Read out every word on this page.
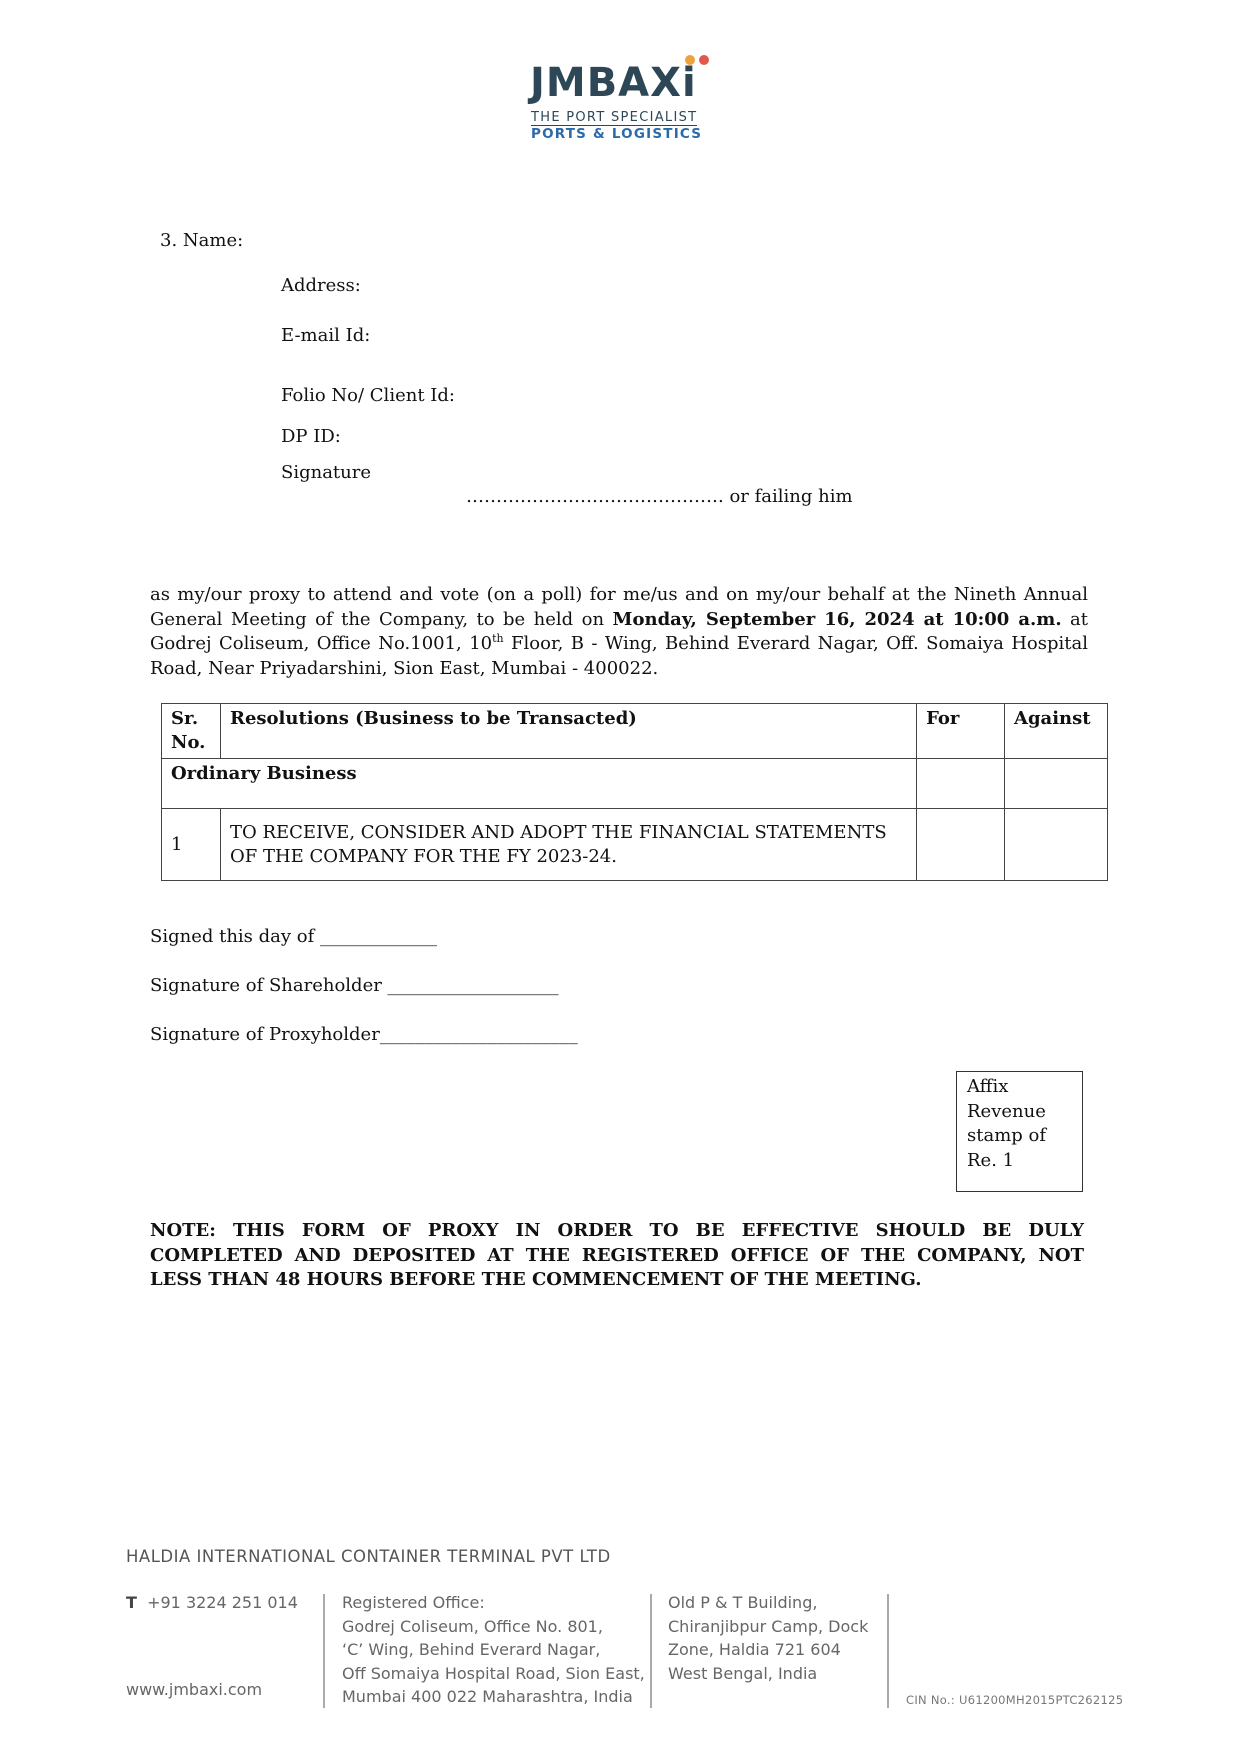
JMBAXi
THE PORT SPECIALIST
PORTS & LOGISTICS
3. Name:
Address:
E-mail Id:
Folio No/ Client Id:
DP ID:
Signature
……………………………………. or failing him
as my/our proxy to attend and vote (on a poll) for me/us and on my/our behalf at the Nineth Annual General Meeting of the Company, to be held on Monday, September 16, 2024 at 10:00 a.m. at Godrej Coliseum, Office No.1001, 10th Floor, B - Wing, Behind Everard Nagar, Off. Somaiya Hospital Road, Near Priyadarshini, Sion East, Mumbai - 400022.
Sr. No.	Resolutions (Business to be Transacted)	For	Against
Ordinary Business			
1	TO RECEIVE, CONSIDER AND ADOPT THE FINANCIAL STATEMENTS OF THE COMPANY FOR THE FY 2023-24.		
Signed this day of _____________
Signature of Shareholder ___________________
Signature of Proxyholder______________________
Affix
Revenue
stamp of
Re. 1
NOTE: THIS FORM OF PROXY IN ORDER TO BE EFFECTIVE SHOULD BE DULY COMPLETED AND DEPOSITED AT THE REGISTERED OFFICE OF THE COMPANY, NOT LESS THAN 48 HOURS BEFORE THE COMMENCEMENT OF THE MEETING.
HALDIA INTERNATIONAL CONTAINER TERMINAL PVT LTD
T +91 3224 251 014
www.jmbaxi.com
Registered Office:
Godrej Coliseum, Office No. 801,
‘C’ Wing, Behind Everard Nagar,
Off Somaiya Hospital Road, Sion East,
Mumbai 400 022 Maharashtra, India
Old P & T Building,
Chiranjibpur Camp, Dock
Zone, Haldia 721 604
West Bengal, India
CIN No.: U61200MH2015PTC262125
